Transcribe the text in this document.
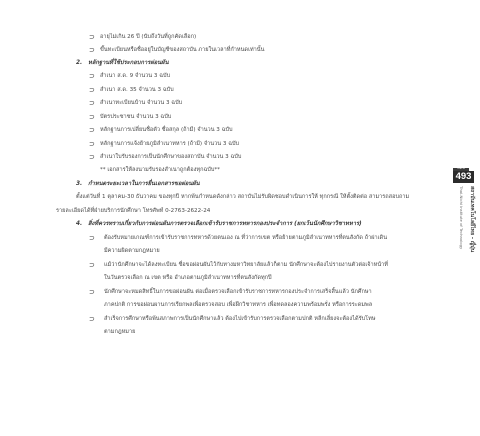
⊃ อายุไม่เกิน 26 ปี (นับถึงวันที่ถูกคัดเลือก)
⊃ ขึ้นทะเบียนหรือชื่ออยู่ในบัญชีของสถาบัน ภายในเวลาที่กำหนดเท่านั้น
2. หลักฐานที่ใช้ประกอบการผ่อนผัน
⊃ สำเนา ส.ด. 9 จำนวน 3 ฉบับ
⊃ สำเนา ส.ด. 35 จำนวน 3 ฉบับ
⊃ สำเนาทะเบียนบ้าน จำนวน 3 ฉบับ
⊃ บัตรประชาชน จำนวน 3 ฉบับ
⊃ หลักฐานการเปลี่ยนชื่อตัว ชื่อสกุล (ถ้ามี) จำนวน 3 ฉบับ
⊃ หลักฐานการแจ้งย้ายภูมิลำเนาทหาร (ถ้ามี) จำนวน 3 ฉบับ
⊃ สำเนาใบรับรองการเป็นนักศึกษาของสถาบัน จำนวน 3 ฉบับ
** เอกสารให้ลงนามรับรองสำเนาถูกต้องทุกฉบับ**
3. กำหนดระยะเวลาในการยื่นเอกสารขอผ่อนผัน
ตั้งแต่วันที่ 1 ตุลาคม-30 ธันวาคม ของทุกปี หากพ้นกำหนดดังกล่าว สถาบันไม่รับผิดชอบดำเนินการให้ ทุกกรณี ให้ตั้งติดต่อ สามารถสอบถาม
รายละเอียดได้ที่ฝ่ายบริการนักศึกษา โทรศัพท์ 0-2763-2622-24
4. สิ่งที่ควรทราบเกี่ยวกับการผ่อนผันการตรวจเลือกเข้ารับราชการทหารกองประจำการ (ยกเว้นนักศึกษาวิชาทหาร)
⊃ ต้องรับหมายเกณฑ์การเข้ารับราชการทหารด้วยตนเอง ณ ที่ว่าการเขต หรือย้ายตามภูมิลำเนาทหารที่ตนสังกัด ถ้าผ่าเดิน
มีความผิดตามกฎหมาย
⊃ แม้ว่านักศึกษาจะได้ลงทะเบียน ชื่อขอผ่อนผันไว้กับทางมหาวิทยาลัยแล้วก็ตาม นักศึกษาจะต้องไปรายงานตัวต่อเจ้าหน้าที่
ในวันตรวจเลือก ณ เขต หรือ อำเภอตามภูมิลำเนาทหารที่ตนสังกัดทุกปี
⊃ นักศึกษาจะหมดสิทธิ์ในการขอผ่อนผัน ต่อเมื่อตรวจเลือกเข้ารับราชการทหารกองประจำการเสร็จสิ้นแล้ว นักศึกษา
ภาคปกติ การขอผ่อนผานการเรียกพลเพื่อตรวจสอบ เพื่อฝึกวิชาทหาร เพื่อทดลองความพร้อมพรั่ง หรือการระดมพล
⊃ สำเร็จการศึกษาหรือพ้นสภาพการเป็นนักศึกษาแล้ว ต้องไปเข้ารับการตรวจเลือกตามปกติ หลีกเลี่ยงจะต้องได้รับโทษ
ตามกฎหมาย
บทที่
493
สถาบันเทคโนโลยีไทย - ญี่ปุ่น
Thai-Nichi Institute of Technology
